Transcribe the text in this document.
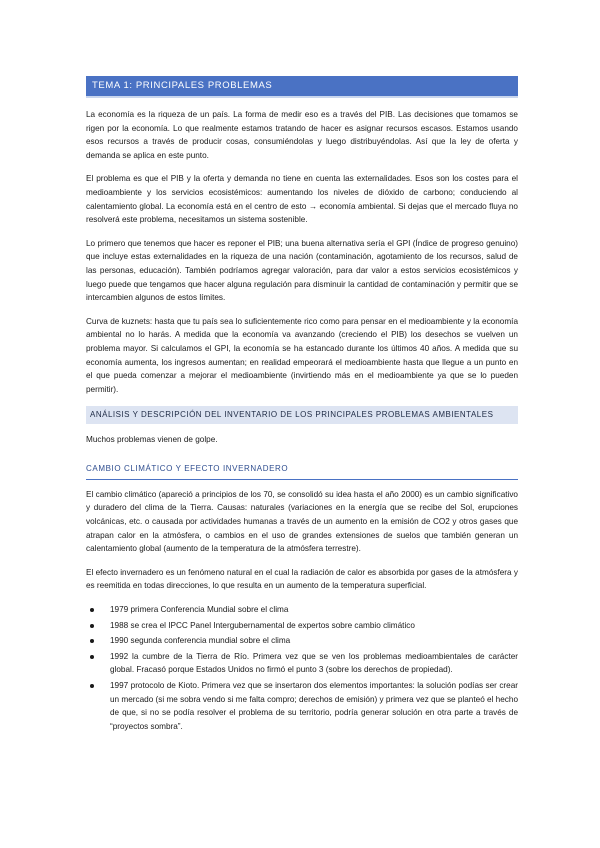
TEMA 1: PRINCIPALES PROBLEMAS

La economía es la riqueza de un país. La forma de medir eso es a través del PIB. Las decisiones que tomamos se rigen por la economía. Lo que realmente estamos tratando de hacer es asignar recursos escasos. Estamos usando esos recursos a través de producir cosas, consumiéndolas y luego distribuyéndolas. Así que la ley de oferta y demanda se aplica en este punto.

El problema es que el PIB y la oferta y demanda no tiene en cuenta las externalidades. Esos son los costes para el medioambiente y los servicios ecosistémicos: aumentando los niveles de dióxido de carbono; conduciendo al calentamiento global. La economía está en el centro de esto → economía ambiental. Si dejas que el mercado fluya no resolverá este problema, necesitamos un sistema sostenible.

Lo primero que tenemos que hacer es reponer el PIB; una buena alternativa sería el GPI (Índice de progreso genuino) que incluye estas externalidades en la riqueza de una nación (contaminación, agotamiento de los recursos, salud de las personas, educación). También podríamos agregar valoración, para dar valor a estos servicios ecosistémicos y luego puede que tengamos que hacer alguna regulación para disminuir la cantidad de contaminación y permitir que se intercambien algunos de estos límites.

Curva de kuznets: hasta que tu país sea lo suficientemente rico como para pensar en el medioambiente y la economía ambiental no lo harás. A medida que la economía va avanzando (creciendo el PIB) los desechos se vuelven un problema mayor. Si calculamos el GPI, la economía se ha estancado durante los últimos 40 años. A medida que su economía aumenta, los ingresos aumentan; en realidad empeorará el medioambiente hasta que llegue a un punto en el que pueda comenzar a mejorar el medioambiente (invirtiendo más en el medioambiente ya que se lo pueden permitir).

ANÁLISIS Y DESCRIPCIÓN DEL INVENTARIO DE LOS PRINCIPALES PROBLEMAS AMBIENTALES

Muchos problemas vienen de golpe.

CAMBIO CLIMÁTICO Y EFECTO INVERNADERO

El cambio climático (apareció a principios de los 70, se consolidó su idea hasta el año 2000) es un cambio significativo y duradero del clima de la Tierra. Causas: naturales (variaciones en la energía que se recibe del Sol, erupciones volcánicas, etc. o causada por actividades humanas a través de un aumento en la emisión de CO2 y otros gases que atrapan calor en la atmósfera, o cambios en el uso de grandes extensiones de suelos que también generan un calentamiento global (aumento de la temperatura de la atmósfera terrestre).

El efecto invernadero es un fenómeno natural en el cual la radiación de calor es absorbida por gases de la atmósfera y es reemitida en todas direcciones, lo que resulta en un aumento de la temperatura superficial.

1979 primera Conferencia Mundial sobre el clima
1988 se crea el IPCC Panel Intergubernamental de expertos sobre cambio climático
1990 segunda conferencia mundial sobre el clima
1992 la cumbre de la Tierra de Río. Primera vez que se ven los problemas medioambientales de carácter global. Fracasó porque Estados Unidos no firmó el punto 3 (sobre los derechos de propiedad).
1997 protocolo de Kioto. Primera vez que se insertaron dos elementos importantes: la solución podías ser crear un mercado (si me sobra vendo si me falta compro; derechos de emisión) y primera vez que se planteó el hecho de que, si no se podía resolver el problema de su territorio, podría generar solución en otra parte a través de “proyectos sombra”.
